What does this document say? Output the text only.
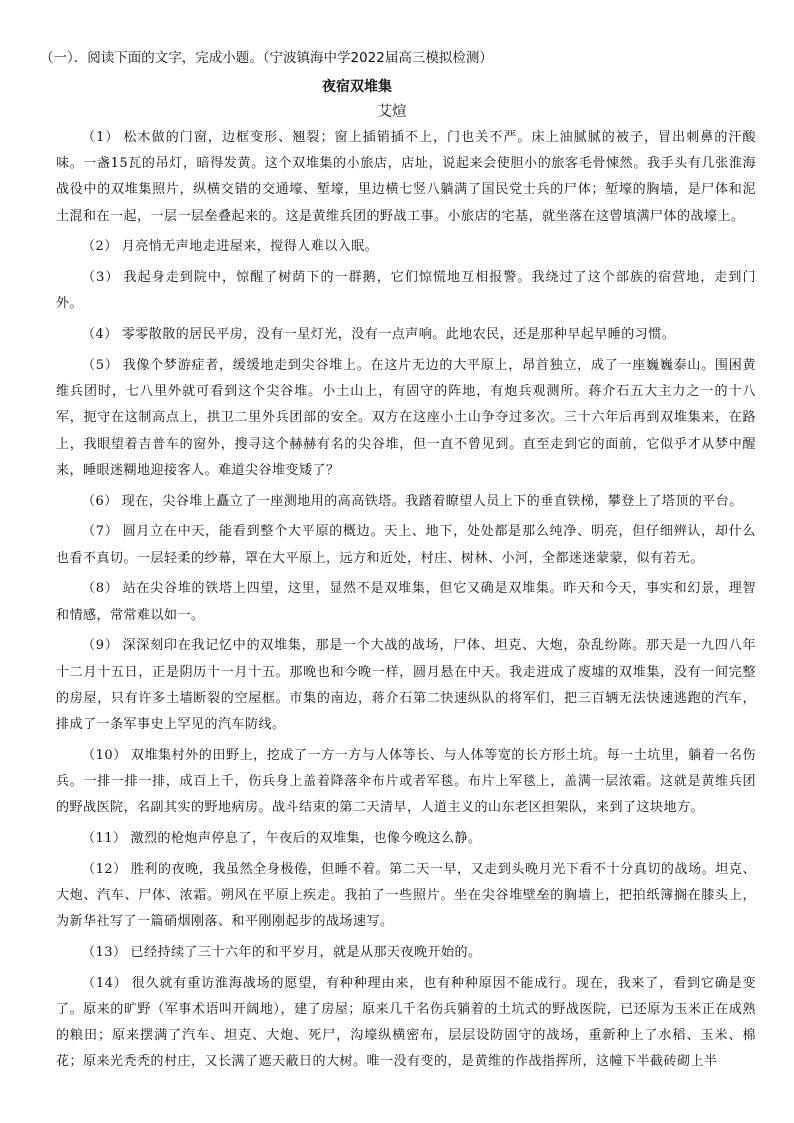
（一）．阅读下面的文字，完成小题。（宁波镇海中学2022届高三模拟检测）
夜宿双堆集
艾煊

（1） 松木做的门窗，边框变形、翘裂；窗上插销插不上，门也关不严。床上油腻腻的被子，冒出刺鼻的汗酸味。一盏15瓦的吊灯，暗得发黄。这个双堆集的小旅店，店址，说起来会使胆小的旅客毛骨悚然。我手头有几张淮海战役中的双堆集照片，纵横交错的交通壕、堑壕，里边横七竖八躺满了国民党士兵的尸体；堑壕的胸墙，是尸体和泥土混和在一起，一层一层垒叠起来的。这是黄维兵团的野战工事。小旅店的宅基，就坐落在这曾填满尸体的战壕上。

（2） 月亮悄无声地走进屋来，搅得人难以入眠。

（3） 我起身走到院中，惊醒了树荫下的一群鹅，它们惊慌地互相报警。我绕过了这个部族的宿营地，走到门外。

（4） 零零散散的居民平房，没有一星灯光，没有一点声响。此地农民，还是那种早起早睡的习惯。

（5） 我像个梦游症者，缓缓地走到尖谷堆上。在这片无边的大平原上，昂首独立，成了一座巍巍泰山。围困黄维兵团时，七八里外就可看到这个尖谷堆。小土山上，有固守的阵地，有炮兵观测所。蒋介石五大主力之一的十八军，扼守在这制高点上，拱卫二里外兵团部的安全。双方在这座小土山争夺过多次。三十六年后再到双堆集来，在路上，我眼望着吉普车的窗外，搜寻这个赫赫有名的尖谷堆，但一直不曾见到。直至走到它的面前，它似乎才从梦中醒来，睡眼迷糊地迎接客人。难道尖谷堆变矮了？

（6） 现在，尖谷堆上矗立了一座测地用的高高铁塔。我踏着瞭望人员上下的垂直铁梯，攀登上了塔顶的平台。

（7） 圆月立在中天，能看到整个大平原的概边。天上、地下，处处都是那么纯净、明亮，但仔细辨认，却什么也看不真切。一层轻柔的纱幕，罩在大平原上，远方和近处，村庄、树林、小河，全都迷迷蒙蒙，似有若无。

（8） 站在尖谷堆的铁塔上四望，这里，显然不是双堆集，但它又确是双堆集。昨天和今天，事实和幻景，理智和情感，常常难以如一。

（9） 深深刻印在我记忆中的双堆集，那是一个大战的战场，尸体、坦克、大炮，杂乱纷陈。那天是一九四八年十二月十五日，正是阴历十一月十五。那晚也和今晚一样，圆月悬在中天。我走进成了废墟的双堆集，没有一间完整的房屋，只有许多土墙断裂的空屋框。市集的南边，蒋介石第二快速纵队的将军们，把三百辆无法快速逃跑的汽车，排成了一条军事史上罕见的汽车防线。

（10） 双堆集村外的田野上，挖成了一方一方与人体等长、与人体等宽的长方形土坑。每一土坑里，躺着一名伤兵。一排一排一排，成百上千，伤兵身上盖着降落伞布片或者军毯。布片上军毯上，盖满一层浓霜。这就是黄维兵团的野战医院，名副其实的野地病房。战斗结束的第二天清早，人道主义的山东老区担架队，来到了这块地方。

（11） 激烈的枪炮声停息了，午夜后的双堆集，也像今晚这么静。

（12） 胜利的夜晚，我虽然全身极倦，但睡不着。第二天一早，又走到头晚月光下看不十分真切的战场。坦克、大炮、汽车、尸体、浓霜。朔风在平原上疾走。我拍了一些照片。坐在尖谷堆壁垒的胸墙上，把拍纸簿搁在膝头上，为新华社写了一篇硝烟刚落、和平刚刚起步的战场速写。

（13） 已经持续了三十六年的和平岁月，就是从那天夜晚开始的。

（14） 很久就有重访淮海战场的愿望，有种种理由来，也有种种原因不能成行。现在，我来了，看到它确是变了。原来的旷野（军事术语叫开阔地），建了房屋；原来几千名伤兵躺着的土坑式的野战医院，已还原为玉米正在成熟的粮田；原来摆满了汽车、坦克、大炮、死尸，沟壕纵横密布，层层设防固守的战场，重新种上了水稻、玉米、棉花；原来光秃秃的村庄，又长满了遮天蔽日的大树。唯一没有变的，是黄维的作战指挥所，这幢下半截砖砌上半
